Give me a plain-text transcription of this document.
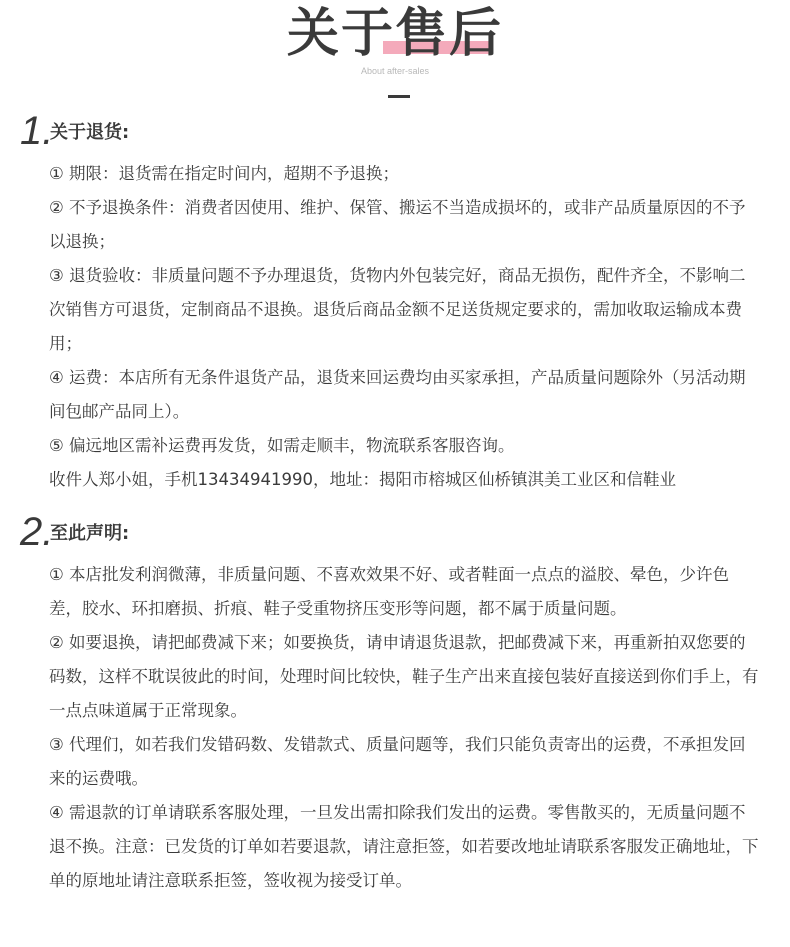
关于售后
About after-sales
1.
关于退货:

① 期限：退货需在指定时间内，超期不予退换；

② 不予退换条件：消费者因使用、维护、保管、搬运不当造成损坏的，或非产品质量原因的不予以退换；

③ 退货验收：非质量问题不予办理退货，货物内外包装完好，商品无损伤，配件齐全，不影响二次销售方可退货，定制商品不退换。退货后商品金额不足送货规定要求的，需加收取运输成本费用；

④ 运费：本店所有无条件退货产品，退货来回运费均由买家承担，产品质量问题除外（另活动期间包邮产品同上）。

⑤ 偏远地区需补运费再发货，如需走顺丰，物流联系客服咨询。

收件人郑小姐，手机13434941990，地址：揭阳市榕城区仙桥镇淇美工业区和信鞋业

2.
至此声明:

① 本店批发利润微薄，非质量问题、不喜欢效果不好、或者鞋面一点点的溢胶、晕色，少许色差，胶水、环扣磨损、折痕、鞋子受重物挤压变形等问题，都不属于质量问题。

② 如要退换，请把邮费减下来；如要换货，请申请退货退款，把邮费减下来，再重新拍双您要的码数，这样不耽误彼此的时间，处理时间比较快，鞋子生产出来直接包装好直接送到你们手上，有一点点味道属于正常现象。

③ 代理们，如若我们发错码数、发错款式、质量问题等，我们只能负责寄出的运费，不承担发回来的运费哦。

④ 需退款的订单请联系客服处理，一旦发出需扣除我们发出的运费。零售散买的，无质量问题不退不换。注意：已发货的订单如若要退款，请注意拒签，如若要改地址请联系客服发正确地址，下单的原地址请注意联系拒签，签收视为接受订单。
